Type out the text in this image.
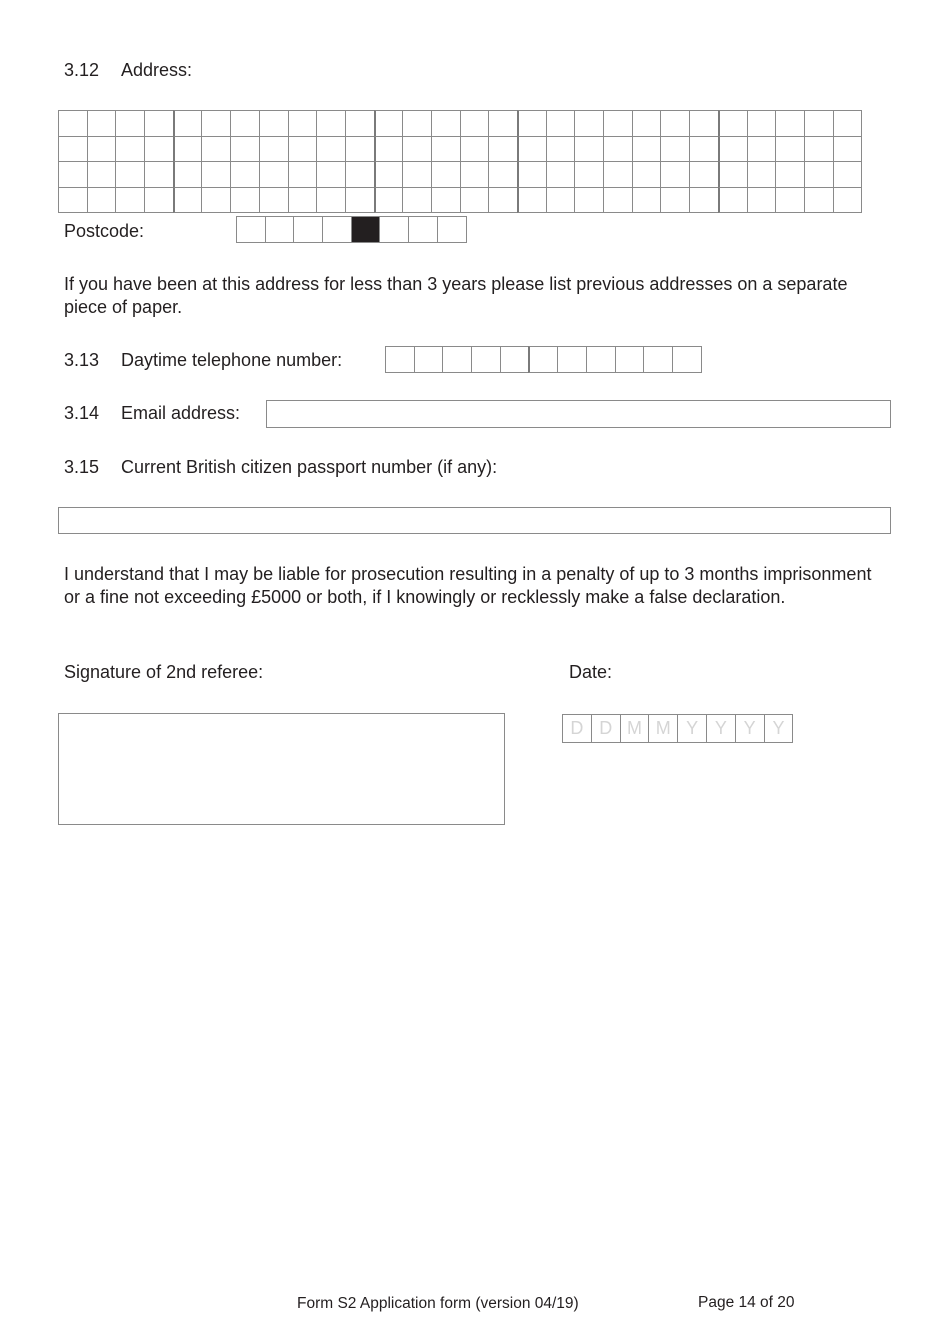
3.12 Address:
Postcode:
If you have been at this address for less than 3 years please list previous addresses on a separate piece of paper.
3.13 Daytime telephone number:
3.14 Email address:
3.15 Current British citizen passport number (if any):
I understand that I may be liable for prosecution resulting in a penalty of up to 3 months imprisonment or a fine not exceeding £5000 or both, if I knowingly or recklessly make a false declaration.
Signature of 2nd referee:	Date:
D D M M Y Y Y Y
Form S2 Application form (version 04/19)	Page 14 of 20
